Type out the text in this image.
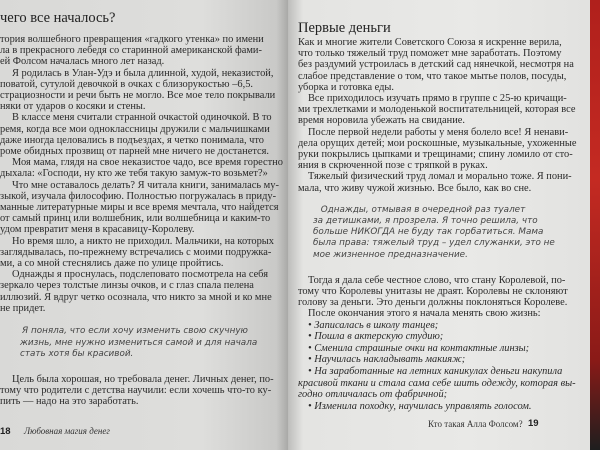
чего все началось?
18 Любовная магия денег
тория волшебного превращения «гадкого утенка» по имени
ла в прекрасного лебедя со старинной американской фами-
ей Фолсом началась много лет назад.
Я родилась в Улан-Удэ и была длинной, худой, неказистой,
поватой, сутулой девочкой в очках с близорукостью –6,5.
страциозности и речи быть не могло. Все мое тело покрывали
няки от ударов о косяки и стены.
В классе меня считали странной очкастой одиночкой. В то
ремя, когда все мои одноклассницы дружили с мальчишками
даже иногда целовались в подъездах, я четко понимала, что
роме обидных прозвищ от парней мне ничего не достанется.
Моя мама, глядя на свое неказистое чадо, все время горестно
дыхала: «Господи, ну кто же тебя такую замуж-то возьмет?»
Что мне оставалось делать? Я читала книги, занималась му-
зыкой, изучала философию. Полностью погружалась в приду-
манные литературные миры и все время мечтала, что найдется
от самый принц или волшебник, или волшебница и каким-то
удом превратит меня в красавицу-Королеву.
Но время шло, а никто не приходил. Мальчики, на которых
заглядывалась, по-прежнему встречались с моими подружка-
ми, а со мной стеснялись даже по улице пройтись.
Однажды я проснулась, подслеповато посмотрела на себя
зеркало через толстые линзы очков, и с глаз спала пелена
иллюзий. Я вдруг четко осознала, что никто за мной и ко мне
не придет.
Я поняла, что если хочу изменить свою скучную
жизнь, мне нужно измениться самой и для начала
стать хотя бы красивой.
Цель была хорошая, но требовала денег. Личных денег, по-
тому что родители с детства научили: если хочешь что-то ку-
пить — надо на это заработать.
Первые деньги
Кто такая Алла Фолсом? 19
Как и многие жители Советского Союза я искренне верила,
что только тяжелый труд поможет мне заработать. Поэтому
без раздумий устроилась в детский сад нянечкой, несмотря на
слабое представление о том, что такое мытье полов, посуды,
уборка и готовка еды.
Все приходилось изучать прямо в группе с 25-ю кричащи-
ми трехлетками и молоденькой воспитательницей, которая все
время норовила убежать на свидание.
После первой недели работы у меня болело все! Я ненави-
дела орущих детей; мои роскошные, музыкальные, ухоженные
руки покрылись цыпками и трещинами; спину ломило от сто-
яния в скрюченной позе с тряпкой в руках.
Тяжелый физический труд ломал и морально тоже. Я пони-
мала, что живу чужой жизнью. Все было, как во сне.
Однажды, отмывая в очередной раз туалет
за детишками, я прозрела. Я точно решила, что
больше НИКОГДА не буду так горбатиться. Мама
была права: тяжелый труд – удел служанки, это не
мое жизненное предназначение.
Тогда я дала себе честное слово, что стану Королевой, по-
тому что Королевы унитазы не драят. Королевы не склоняют
голову за деньги. Это деньги должны поклоняться Королеве.
После окончания этого я начала менять свою жизнь:
• Записалась в школу танцев;
• Пошла в актерскую студию;
• Сменила страшные очки на контактные линзы;
• Научилась накладывать макияж;
• На заработанные на летних каникулах деньги накупила
красивой ткани и стала сама себе шить одежду, которая вы-
годно отличалась от фабричной;
• Изменила походку, научилась управлять голосом.
